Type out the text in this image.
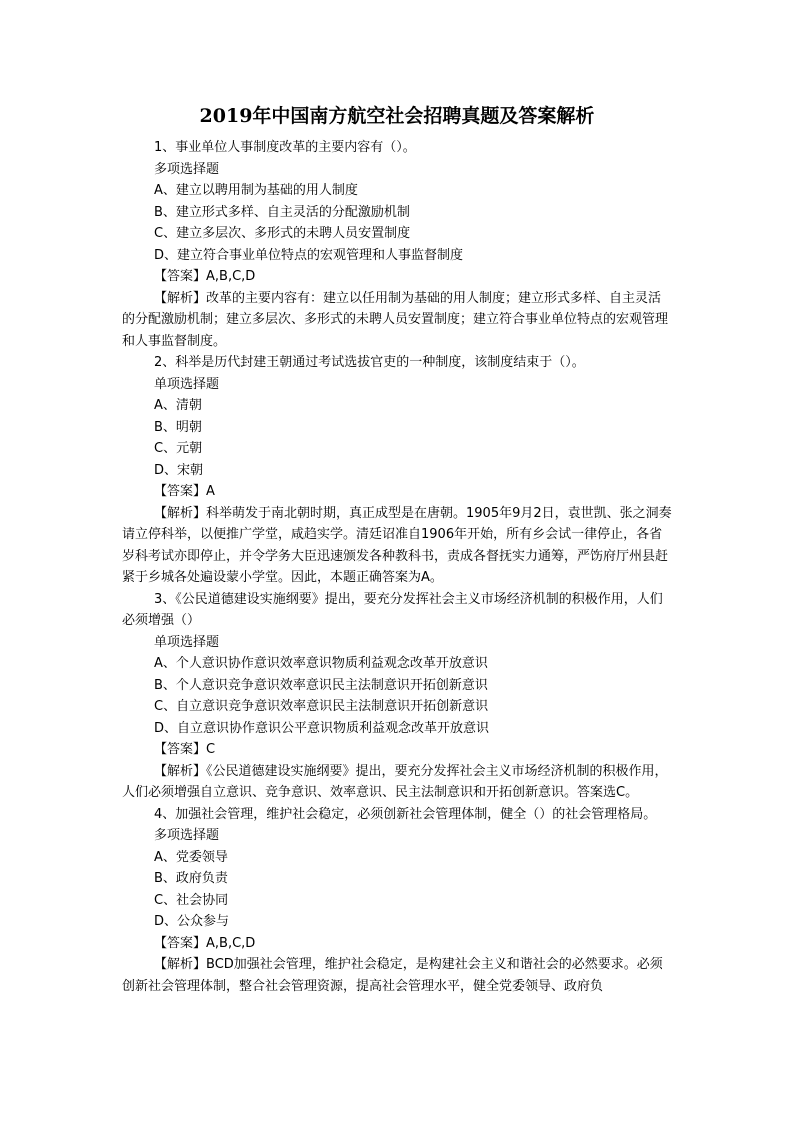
2019年中国南方航空社会招聘真题及答案解析

1、事业单位人事制度改革的主要内容有（）。

多项选择题

A、建立以聘用制为基础的用人制度

B、建立形式多样、自主灵活的分配激励机制

C、建立多层次、多形式的未聘人员安置制度

D、建立符合事业单位特点的宏观管理和人事监督制度

【答案】A,B,C,D

【解析】改革的主要内容有：建立以任用制为基础的用人制度；建立形式多样、自主灵活的分配激励机制；建立多层次、多形式的未聘人员安置制度；建立符合事业单位特点的宏观管理和人事监督制度。

2、科举是历代封建王朝通过考试选拔官吏的一种制度，该制度结束于（）。

单项选择题

A、清朝

B、明朝

C、元朝

D、宋朝

【答案】A

【解析】科举萌发于南北朝时期，真正成型是在唐朝。1905年9月2日，袁世凯、张之洞奏请立停科举，以便推广学堂，咸趋实学。清廷诏准自1906年开始，所有乡会试一律停止，各省岁科考试亦即停止，并令学务大臣迅速颁发各种教科书，责成各督抚实力通筹，严饬府厅州县赶紧于乡城各处遍设蒙小学堂。因此，本题正确答案为A。

3、《公民道德建设实施纲要》提出，要充分发挥社会主义市场经济机制的积极作用，人们必须增强（）

单项选择题

A、个人意识协作意识效率意识物质利益观念改革开放意识

B、个人意识竞争意识效率意识民主法制意识开拓创新意识

C、自立意识竞争意识效率意识民主法制意识开拓创新意识

D、自立意识协作意识公平意识物质利益观念改革开放意识

【答案】C

【解析】《公民道德建设实施纲要》提出，要充分发挥社会主义市场经济机制的积极作用，人们必须增强自立意识、竞争意识、效率意识、民主法制意识和开拓创新意识。答案选C。

4、加强社会管理，维护社会稳定，必须创新社会管理体制，健全（）的社会管理格局。

多项选择题

A、党委领导

B、政府负责

C、社会协同

D、公众参与

【答案】A,B,C,D

【解析】BCD加强社会管理，维护社会稳定，是构建社会主义和谐社会的必然要求。必须创新社会管理体制，整合社会管理资源，提高社会管理水平，健全党委领导、政府负
